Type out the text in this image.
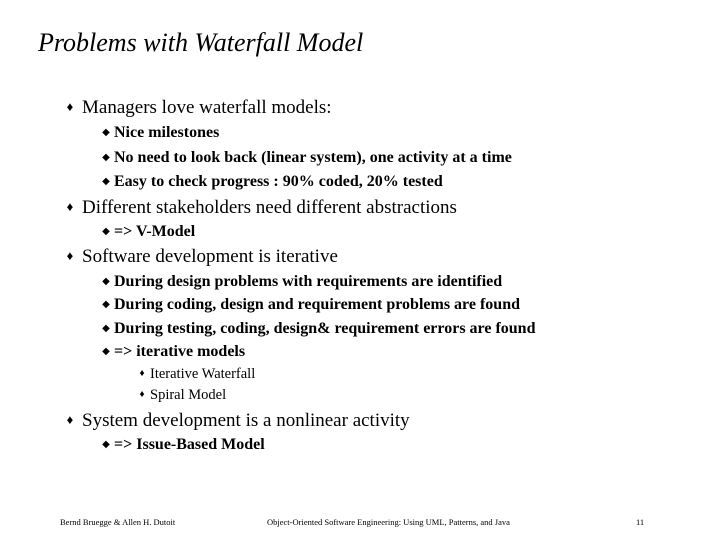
Problems with Waterfall Model
♦ Managers love waterfall models:
◆ Nice milestones
◆ No need to look back (linear system), one activity at a time
◆ Easy to check progress : 90% coded, 20% tested
♦ Different stakeholders need different abstractions
◆ => V-Model
♦ Software development is iterative
◆ During design problems with requirements are identified
◆ During coding, design and requirement problems are found
◆ During testing, coding, design& requirement errors are found
◆ => iterative models
♦ Iterative Waterfall
♦ Spiral Model
♦ System development is a nonlinear activity
◆ => Issue-Based Model
Bernd Bruegge & Allen H. Dutoit	Object-Oriented Software Engineering: Using UML, Patterns, and Java	11
